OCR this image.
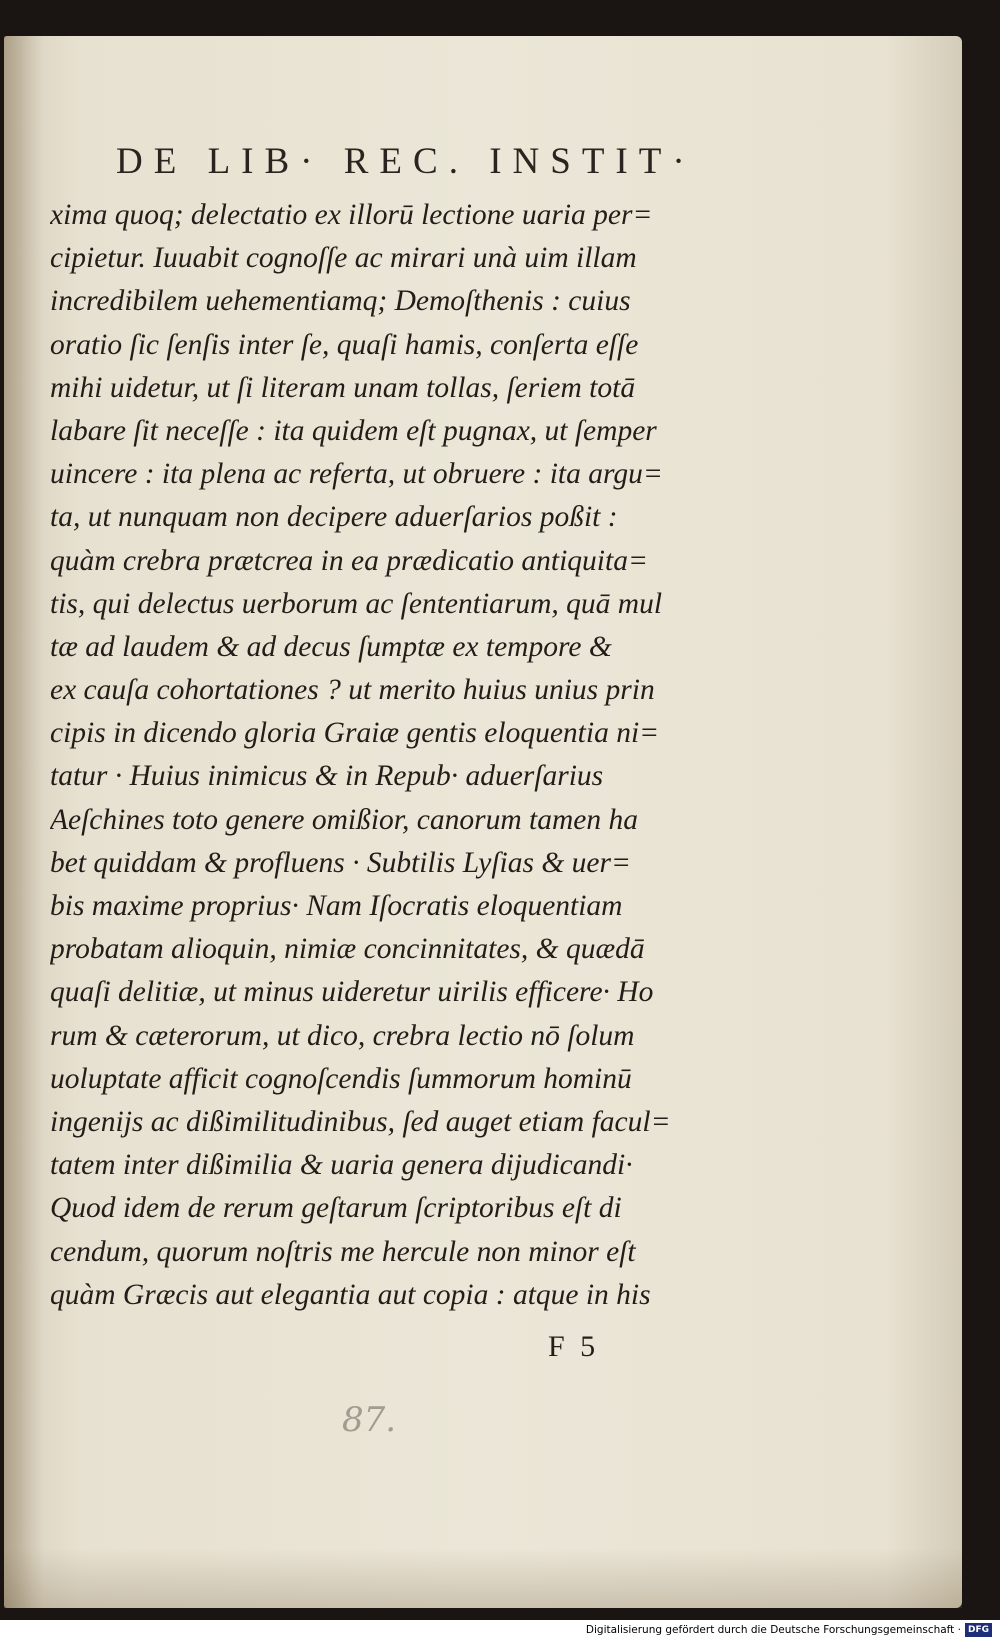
DE LIB· REC. INSTIT·
xima quoq; delectatio ex illorū lectione uaria per=
cipietur. Iuuabit cognoſſe ac mirari unà uim illam
incredibilem uehementiamq; Demoſthenis : cuius
oratio ſic ſenſis inter ſe, quaſi hamis, conſerta eſſe
mihi uidetur, ut ſi literam unam tollas, ſeriem totā
labare ſit neceſſe : ita quidem eſt pugnax, ut ſemper
uincere : ita plena ac referta, ut obruere : ita argu=
ta, ut nunquam non decipere aduerſarios poßit :
quàm crebra prætcrea in ea prædicatio antiquita=
tis, qui delectus uerborum ac ſententiarum, quā mul
tæ ad laudem & ad decus ſumptæ ex tempore &
ex cauſa cohortationes ? ut merito huius unius prin
cipis in dicendo gloria Graiæ gentis eloquentia ni=
tatur · Huius inimicus & in Repub· aduerſarius
Aeſchines toto genere omißior, canorum tamen ha
bet quiddam & profluens · Subtilis Lyſias & uer=
bis maxime proprius· Nam Iſocratis eloquentiam
probatam alioquin, nimiæ concinnitates, & quædā
quaſi delitiæ, ut minus uideretur uirilis efficere· Ho
rum & cæterorum, ut dico, crebra lectio nō ſolum
uoluptate afficit cognoſcendis ſummorum hominū
ingenijs ac dißimilitudinibus, ſed auget etiam facul=
tatem inter dißimilia & uaria genera dijudicandi·
Quod idem de rerum geſtarum ſcriptoribus eſt di
cendum, quorum noſtris me hercule non minor eſt
quàm Græcis aut elegantia aut copia : atque in his
F 5
87.
Digitalisierung gefördert durch die Deutsche Forschungsgemeinschaft · DFG
